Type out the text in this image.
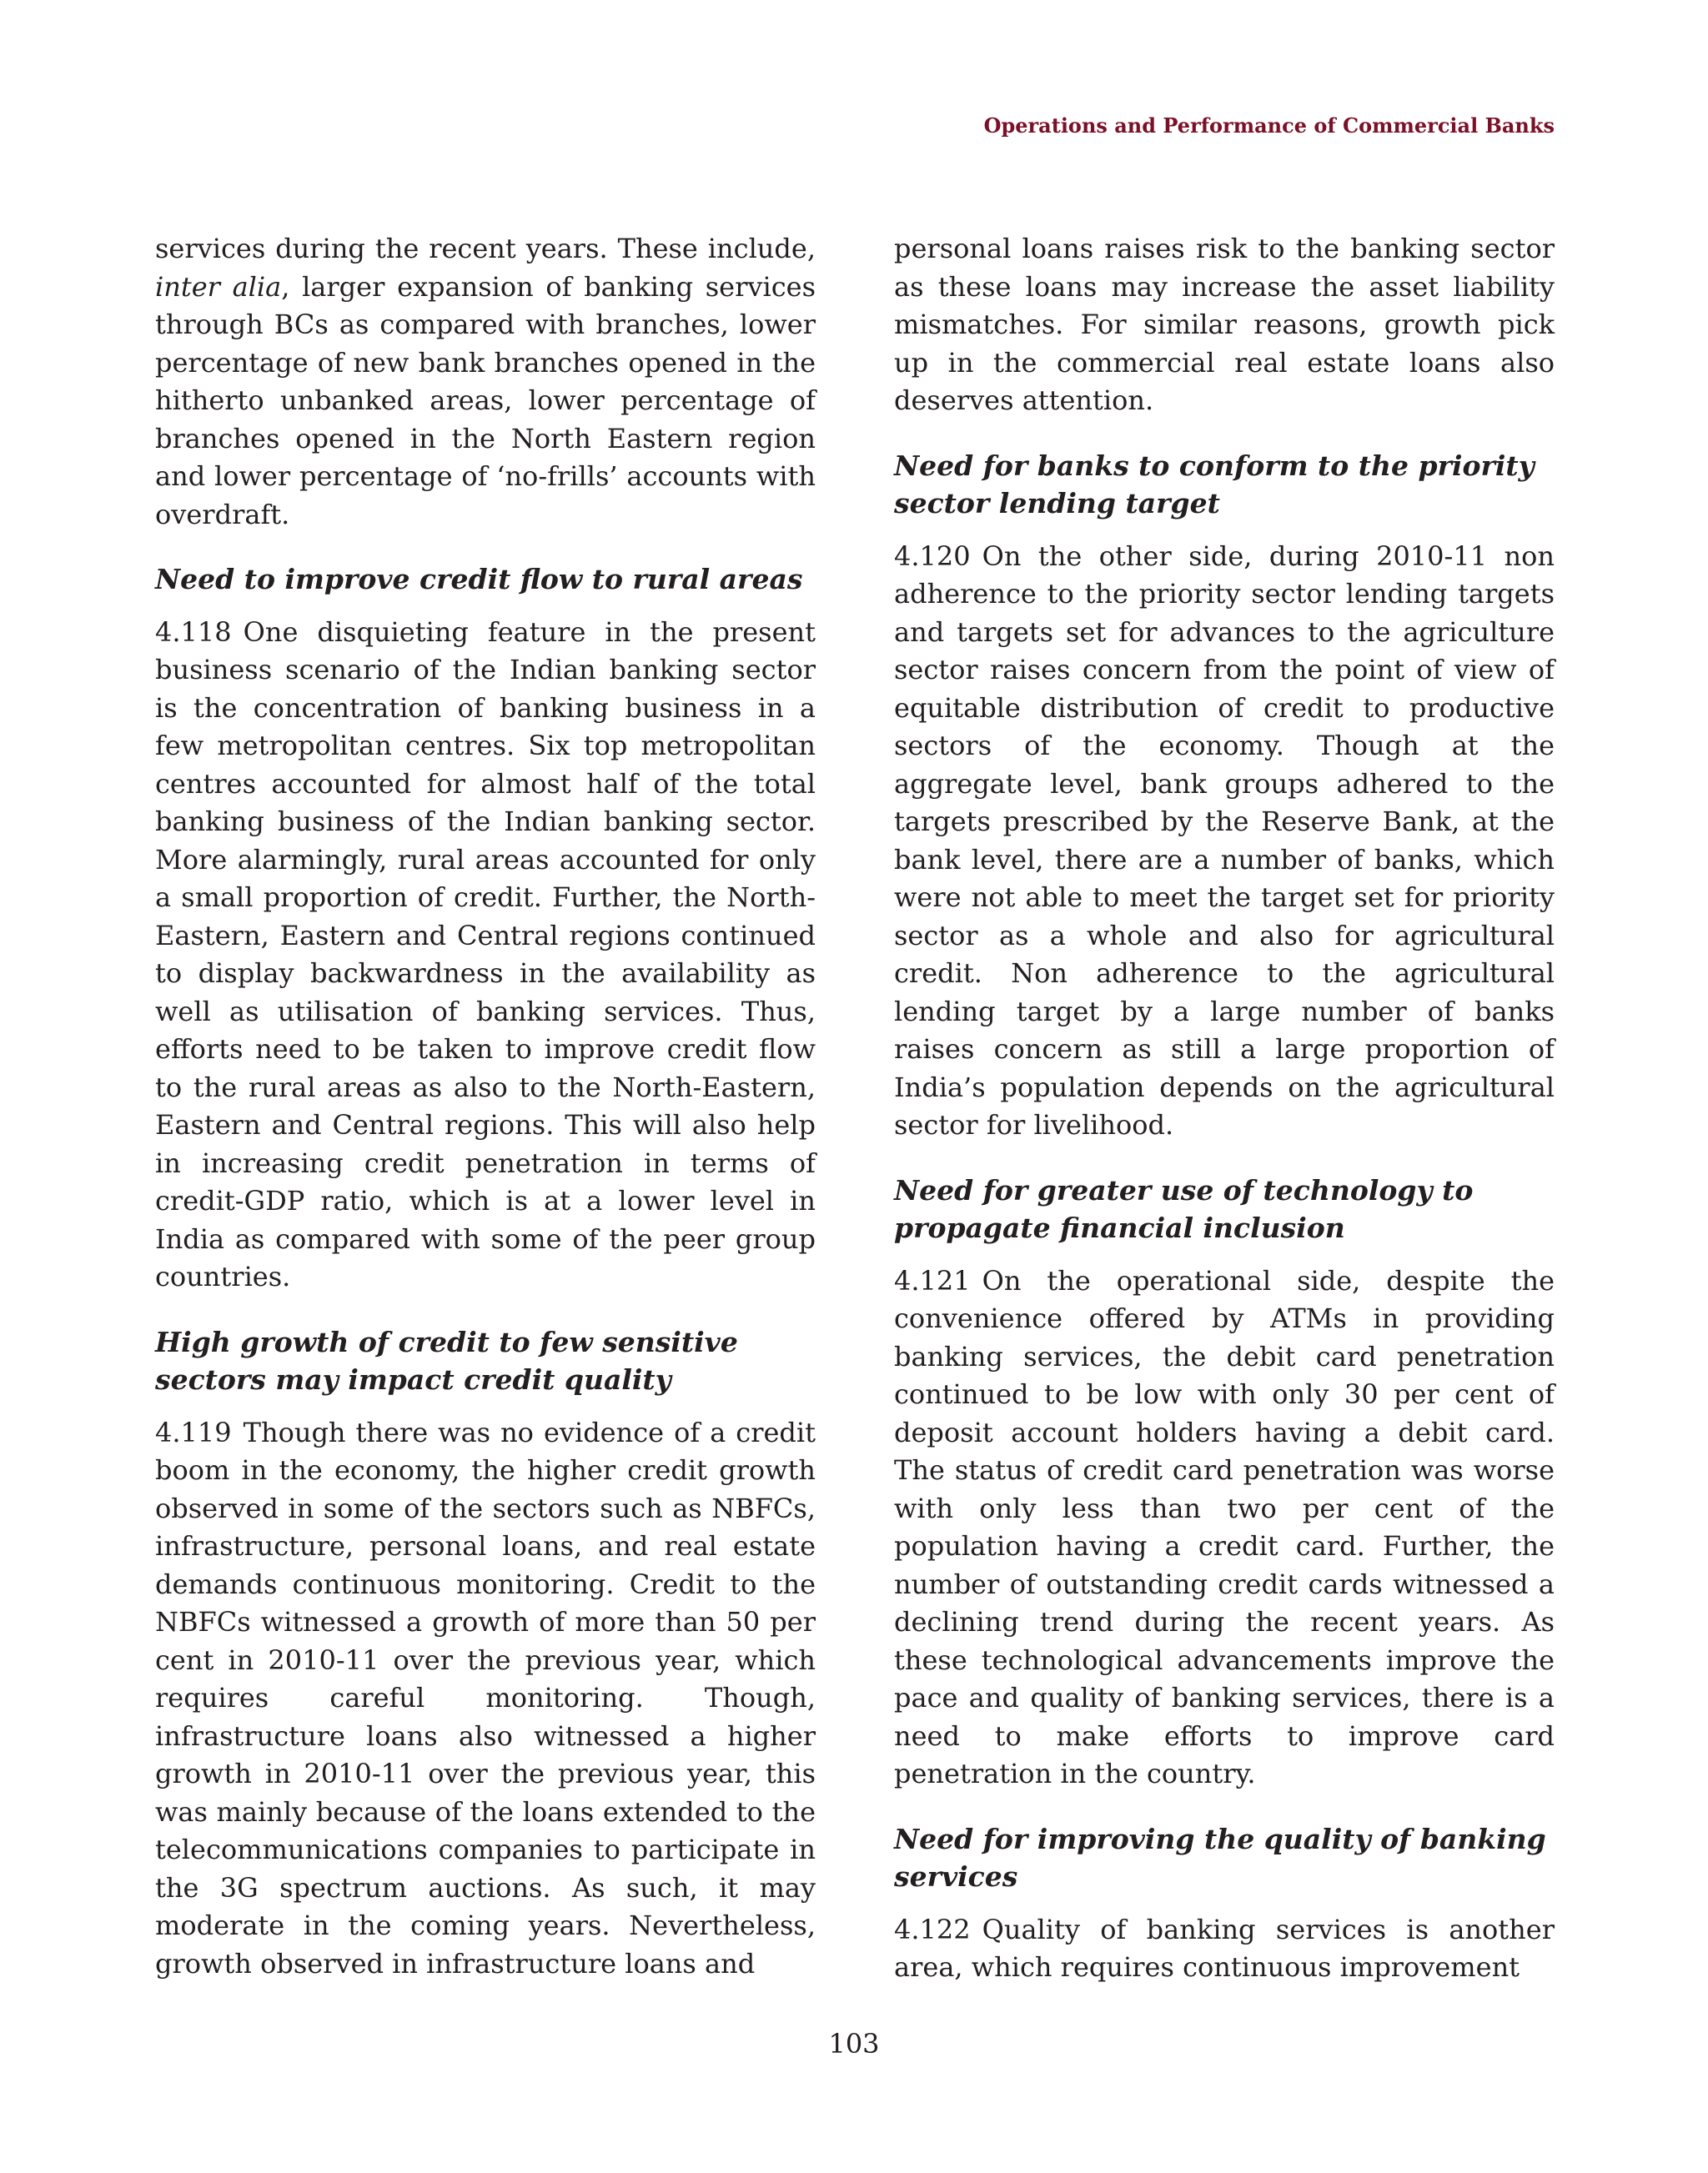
Operations and Performance of Commercial Banks

services during the recent years. These include, inter alia, larger expansion of banking services through BCs as compared with branches, lower percentage of new bank branches opened in the hitherto unbanked areas, lower percentage of branches opened in the North Eastern region and lower percentage of ‘no-frills’ accounts with overdraft.

Need to improve credit flow to rural areas

4.118 One disquieting feature in the present business scenario of the Indian banking sector is the concentration of banking business in a few metropolitan centres. Six top metropolitan centres accounted for almost half of the total banking business of the Indian banking sector. More alarmingly, rural areas accounted for only a small proportion of credit. Further, the North-Eastern, Eastern and Central regions continued to display backwardness in the availability as well as utilisation of banking services. Thus, efforts need to be taken to improve credit flow to the rural areas as also to the North-Eastern, Eastern and Central regions. This will also help in increasing credit penetration in terms of credit-GDP ratio, which is at a lower level in India as compared with some of the peer group countries.

High growth of credit to few sensitive sectors may impact credit quality

4.119 Though there was no evidence of a credit boom in the economy, the higher credit growth observed in some of the sectors such as NBFCs, infrastructure, personal loans, and real estate demands continuous monitoring. Credit to the NBFCs witnessed a growth of more than 50 per cent in 2010-11 over the previous year, which requires careful monitoring. Though, infrastructure loans also witnessed a higher growth in 2010-11 over the previous year, this was mainly because of the loans extended to the telecommunications companies to participate in the 3G spectrum auctions. As such, it may moderate in the coming years. Nevertheless, growth observed in infrastructure loans and

personal loans raises risk to the banking sector as these loans may increase the asset liability mismatches. For similar reasons, growth pick up in the commercial real estate loans also deserves attention.

Need for banks to conform to the priority sector lending target

4.120 On the other side, during 2010-11 non adherence to the priority sector lending targets and targets set for advances to the agriculture sector raises concern from the point of view of equitable distribution of credit to productive sectors of the economy. Though at the aggregate level, bank groups adhered to the targets prescribed by the Reserve Bank, at the bank level, there are a number of banks, which were not able to meet the target set for priority sector as a whole and also for agricultural credit. Non adherence to the agricultural lending target by a large number of banks raises concern as still a large proportion of India’s population depends on the agricultural sector for livelihood.

Need for greater use of technology to propagate financial inclusion

4.121 On the operational side, despite the convenience offered by ATMs in providing banking services, the debit card penetration continued to be low with only 30 per cent of deposit account holders having a debit card. The status of credit card penetration was worse with only less than two per cent of the population having a credit card. Further, the number of outstanding credit cards witnessed a declining trend during the recent years. As these technological advancements improve the pace and quality of banking services, there is a need to make efforts to improve card penetration in the country.

Need for improving the quality of banking services

4.122 Quality of banking services is another area, which requires continuous improvement

103
